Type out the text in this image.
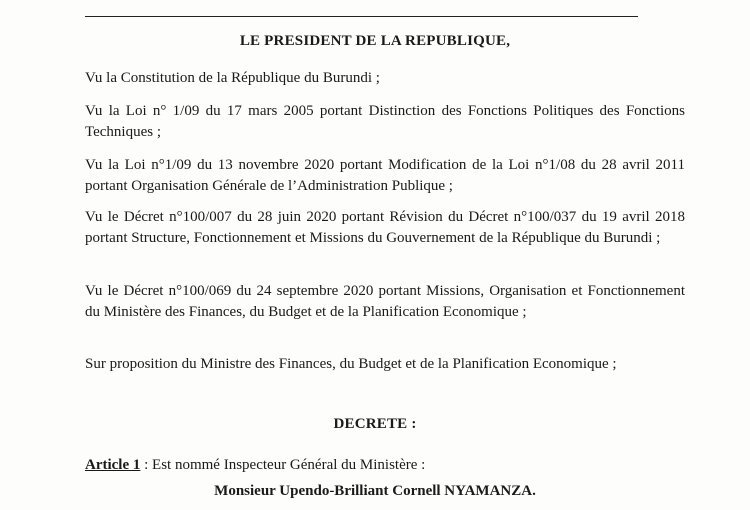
LE PRESIDENT DE LA REPUBLIQUE,
Vu la Constitution de la République du Burundi ;
Vu la Loi n° 1/09 du 17 mars 2005 portant Distinction des Fonctions Politiques des Fonctions Techniques ;
Vu la Loi n°1/09 du 13 novembre 2020 portant Modification de la Loi n°1/08 du 28 avril 2011 portant Organisation Générale de l’Administration Publique ;
Vu le Décret n°100/007 du 28 juin 2020 portant Révision du Décret n°100/037 du 19 avril 2018 portant Structure, Fonctionnement et Missions du Gouvernement de la République du Burundi ;
Vu le Décret n°100/069 du 24 septembre 2020 portant Missions, Organisation et Fonctionnement du Ministère des Finances, du Budget et de la Planification Economique ;
Sur proposition du Ministre des Finances, du Budget et de la Planification Economique ;
DECRETE :
Article 1 : Est nommé Inspecteur Général du Ministère :
Monsieur Upendo-Brilliant Cornell NYAMANZA.
